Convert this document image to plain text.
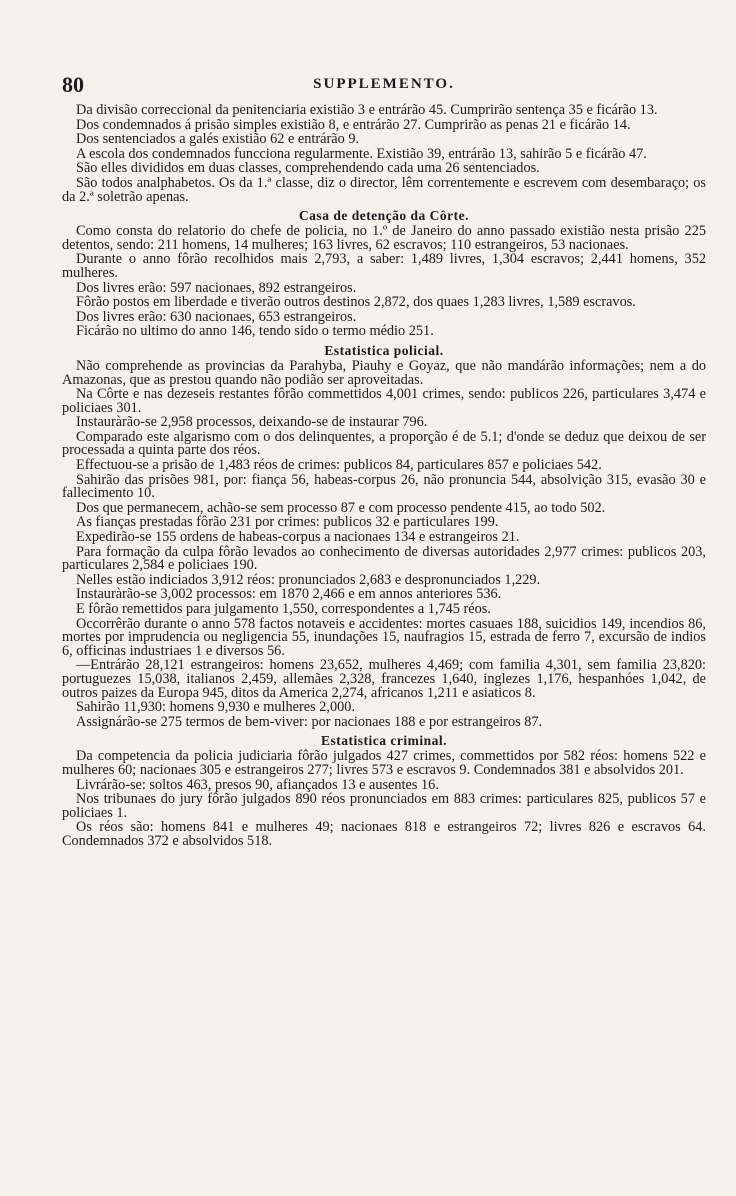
80	SUPPLEMENTO.

Da divisão correccional da penitenciaria existião 3 e entrárão 45. Cumprirão sentença 35 e ficárão 13.

Dos condemnados á prisão simples existião 8, e entrárão 27. Cumprirão as penas 21 e ficárão 14.

Dos sentenciados a galés existião 62 e entrárão 9.

A escola dos condemnados funcciona regularmente. Existião 39, entrárão 13, sahirão 5 e ficárão 47.

São elles divididos em duas classes, comprehendendo cada uma 26 sentenciados.

São todos analphabetos. Os da 1.ª classe, diz o director, lêm correntemente e escrevem com desembaraço; os da 2.ª soletrão apenas.

Casa de detenção da Côrte.

Como consta do relatorio do chefe de policia, no 1.º de Janeiro do anno passado existião nesta prisão 225 detentos, sendo: 211 homens, 14 mulheres; 163 livres, 62 escravos; 110 estrangeiros, 53 nacionaes.

Durante o anno fôrão recolhidos mais 2,793, a saber: 1,489 livres, 1,304 escravos; 2,441 homens, 352 mulheres.

Dos livres erão: 597 nacionaes, 892 estrangeiros.

Fôrão postos em liberdade e tiverão outros destinos 2,872, dos quaes 1,283 livres, 1,589 escravos.

Dos livres erão: 630 nacionaes, 653 estrangeiros.

Ficárão no ultimo do anno 146, tendo sido o termo médio 251.

Estatistica policial.

Não comprehende as provincias da Parahyba, Piauhy e Goyaz, que não mandárão informações; nem a do Amazonas, que as prestou quando não podião ser aproveitadas.

Na Côrte e nas dezeseis restantes fôrão commettidos 4,001 crimes, sendo: publicos 226, particulares 3,474 e policiaes 301.

Instauràrão-se 2,958 processos, deixando-se de instaurar 796.

Comparado este algarismo com o dos delinquentes, a proporção é de 5.1; d'onde se deduz que deixou de ser processada a quinta parte dos réos.

Effectuou-se a prisão de 1,483 réos de crimes: publicos 84, particulares 857 e policiaes 542.

Sahirão das prisões 981, por: fiança 56, habeas-corpus 26, não pronuncia 544, absolvição 315, evasão 30 e fallecimento 10.

Dos que permanecem, achão-se sem processo 87 e com processo pendente 415, ao todo 502.

As fianças prestadas fôrão 231 por crimes: publicos 32 e particulares 199.

Expedirão-se 155 ordens de habeas-corpus a nacionaes 134 e estrangeiros 21.

Para formação da culpa fôrão levados ao conhecimento de diversas autoridades 2,977 crimes: publicos 203, particulares 2,584 e policiaes 190.

Nelles estão indiciados 3,912 réos: pronunciados 2,683 e despronunciados 1,229.

Instauràrão-se 3,002 processos: em 1870 2,466 e em annos anteriores 536.

E fôrão remettidos para julgamento 1,550, correspondentes a 1,745 réos.

Occorrêrão durante o anno 578 factos notaveis e accidentes: mortes casuaes 188, suicidios 149, incendios 86, mortes por imprudencia ou negligencia 55, inundações 15, naufragios 15, estrada de ferro 7, excursão de indios 6, officinas industriaes 1 e diversos 56.

—Entrárão 28,121 estrangeiros: homens 23,652, mulheres 4,469; com familia 4,301, sem familia 23,820: portuguezes 15,038, italianos 2,459, allemães 2,328, francezes 1,640, inglezes 1,176, hespanhóes 1,042, de outros paizes da Europa 945, ditos da America 2,274, africanos 1,211 e asiaticos 8.

Sahirão 11,930: homens 9,930 e mulheres 2,000.

Assignárão-se 275 termos de bem-viver: por nacionaes 188 e por estrangeiros 87.

Estatistica criminal.

Da competencia da policia judiciaria fôrão julgados 427 crimes, commettidos por 582 réos: homens 522 e mulheres 60; nacionaes 305 e estrangeiros 277; livres 573 e escravos 9. Condemnados 381 e absolvidos 201.

Livrárão-se: soltos 463, presos 90, afiançados 13 e ausentes 16.

Nos tribunaes do jury fôrão julgados 890 réos pronunciados em 883 crimes: particulares 825, publicos 57 e policiaes 1.

Os réos são: homens 841 e mulheres 49; nacionaes 818 e estrangeiros 72; livres 826 e escravos 64. Condemnados 372 e absolvidos 518.
